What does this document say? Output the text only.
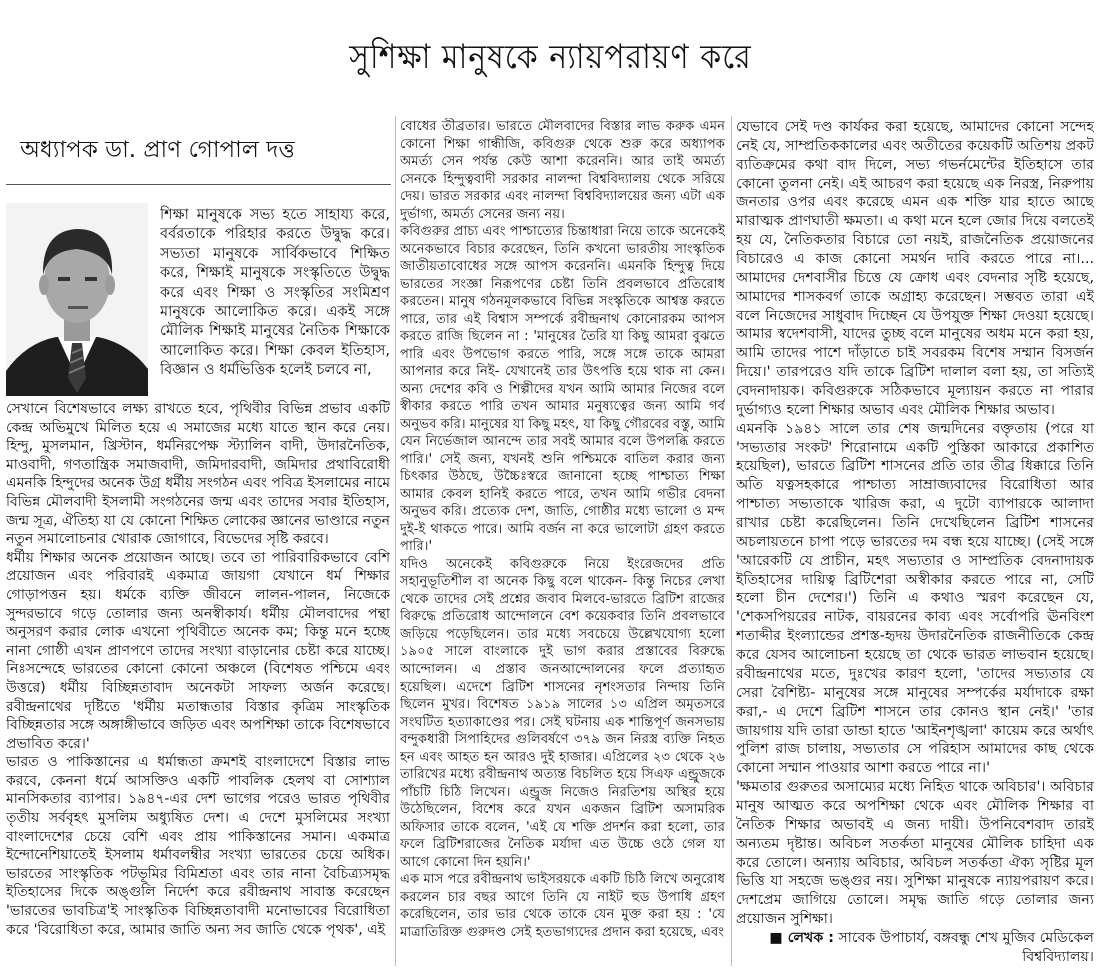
সুশিক্ষা মানুষকে ন্যায়পরায়ণ করে
অধ্যাপক ডা. প্রাণ গোপাল দত্ত
শিক্ষা মানুষকে সভ্য হতে সাহায্য করে, বর্বরতাকে পরিহার করতে উদ্বুদ্ধ করে। সভ্যতা মানুষকে সার্বিকভাবে শিক্ষিত করে, শিক্ষাই মানুষকে সংস্কৃতিতে উদ্বুদ্ধ করে এবং শিক্ষা ও সংস্কৃতির সংমিশ্রণ মানুষকে আলোকিত করে। একই সঙ্গে মৌলিক শিক্ষাই মানুষের নৈতিক শিক্ষাকে আলোকিত করে। শিক্ষা কেবল ইতিহাস, বিজ্ঞান ও ধর্মভিত্তিক হলেই চলবে না,

সেখানে বিশেষভাবে লক্ষ্য রাখতে হবে, পৃথিবীর বিভিন্ন প্রভাব একটি কেন্দ্র অভিমুখে মিলিত হয়ে এ সমাজের মধ্যে যাতে স্থান করে নেয়। হিন্দু, মুসলমান, খ্রিস্টান, ধর্মনিরপেক্ষ স্ট্যালিন বাদী, উদারনৈতিক, মাওবাদী, গণতান্ত্রিক সমাজবাদী, জমিদারবাদী, জমিদার প্রথাবিরোধী এমনকি হিন্দুদের অনেক উগ্র ধর্মীয় সংগঠন এবং পবিত্র ইসলামের নামে বিভিন্ন মৌলবাদী ইসলামী সংগঠনের জন্ম এবং তাদের সবার ইতিহাস, জন্ম সূত্র, ঐতিহ্য যা যে কোনো শিক্ষিত লোকের জ্ঞানের ভাণ্ডারে নতুন নতুন সমালোচনার খোরাক জোগাবে, বিভেদের সৃষ্টি করবে।

ধর্মীয় শিক্ষার অনেক প্রয়োজন আছে। তবে তা পারিবারিকভাবে বেশি প্রয়োজন এবং পরিবারই একমাত্র জায়গা যেখানে ধর্ম শিক্ষার গোড়াপত্তন হয়। ধর্মকে ব্যক্তি জীবনে লালন-পালন, নিজেকে সুন্দরভাবে গড়ে তোলার জন্য অনস্বীকার্য। ধর্মীয় মৌলবাদের পন্থা অনুসরণ করার লোক এখনো পৃথিবীতে অনেক কম; কিন্তু মনে হচ্ছে নানা গোষ্ঠী এখন প্রাণপণে তাদের সংখ্যা বাড়ানোর চেষ্টা করে যাচ্ছে। নিঃসন্দেহে ভারতের কোনো কোনো অঞ্চলে (বিশেষত পশ্চিমে এবং উত্তরে) ধর্মীয় বিচ্ছিন্নতাবাদ অনেকটা সাফল্য অর্জন করেছে। রবীন্দ্রনাথের দৃষ্টিতে 'ধর্মীয় মতান্ধতার বিস্তার কৃত্রিম সাংস্কৃতিক বিচ্ছিন্নতার সঙ্গে অঙ্গাঙ্গীভাবে জড়িত এবং অপশিক্ষা তাকে বিশেষভাবে প্রভাবিত করে।'

ভারত ও পাকিস্তানের এ ধর্মান্ধতা ক্রমশই বাংলাদেশে বিস্তার লাভ করবে, কেননা ধর্মে আসক্তিও একটি পাবলিক হেলথ বা সোশ্যাল মানসিকতার ব্যাপার। ১৯৪৭-এর দেশ ভাগের পরেও ভারত পৃথিবীর তৃতীয় সর্ববৃহৎ মুসলিম অধ্যুষিত দেশ। এ দেশে মুসলিমের সংখ্যা বাংলাদেশের চেয়ে বেশি এবং প্রায় পাকিস্তানের সমান। একমাত্র ইন্দোনেশিয়াতেই ইসলাম ধর্মাবলম্বীর সংখ্যা ভারতের চেয়ে অধিক। ভারতের সাংস্কৃতিক পটভূমির বিমিশ্রতা এবং তার নানা বৈচিত্র্যসমৃদ্ধ ইতিহাসের দিকে অঙ্গুলি নির্দেশ করে রবীন্দ্রনাথ সাবাস্ত করেছেন 'ভারতের ভাবচিত্র'ই সাংস্কৃতিক বিচ্ছিন্নতাবাদী মনোভাবের বিরোধিতা করে 'বিরোধিতা করে, আমার জাতি অন্য সব জাতি থেকে পৃথক', এই

বোধের তীব্রতার। ভারতে মৌলবাদের বিস্তার লাভ করুক এমন কোনো শিক্ষা গান্ধীজি, কবিগুরু থেকে শুরু করে অধ্যাপক অমর্ত্য সেন পর্যন্ত কেউ আশা করেননি। আর তাই অমর্ত্য সেনকে হিন্দুত্ববাদী সরকার নালন্দা বিশ্ববিদ্যালয় থেকে সরিয়ে দেয়। ভারত সরকার এবং নালন্দা বিশ্ববিদ্যালয়ের জন্য এটা এক দুর্ভাগ্য, অমর্ত্য সেনের জন্য নয়।

কবিগুরুর প্রাচ্য এবং পাশ্চাত্যের চিন্তাধারা নিয়ে তাকে অনেকেই অনেকভাবে বিচার করেছেন, তিনি কখনো ভারতীয় সাংস্কৃতিক জাতীয়তাবোধের সঙ্গে আপস করেননি। এমনকি হিন্দুত্ব দিয়ে ভারতের সংজ্ঞা নিরূপণের চেষ্টা তিনি প্রবলভাবে প্রতিরোধ করতেন। মানুষ গঠনমূলকভাবে বিভিন্ন সংস্কৃতিকে আশ্বস্ত করতে পারে, তার এই বিশ্বাস সম্পর্কে রবীন্দ্রনাথ কোনোরকম আপস করতে রাজি ছিলেন না : 'মানুষের তৈরি যা কিছু আমরা বুঝতে পারি এবং উপভোগ করতে পারি, সঙ্গে সঙ্গে তাকে আমরা আপনার করে নিই- যেখানেই তার উৎপত্তি হয়ে থাক না কেন। অন্য দেশের কবি ও শিল্পীদের যখন আমি আমার নিজের বলে স্বীকার করতে পারি তখন আমার মনুষ্যত্বের জন্য আমি গর্ব অনুভব করি। মানুষের যা কিছু মহৎ, যা কিছু গৌরবের বস্তু, আমি যেন নির্ভেজাল আনন্দে তার সবই আমার বলে উপলব্ধি করতে পারি।' সেই জন্য, যখনই শুনি পশ্চিমকে বাতিল করার জন্য চিৎকার উঠছে, উচ্চৈঃস্বরে জানানো হচ্ছে পাশ্চাত্য শিক্ষা আমার কেবল হানিই করতে পারে, তখন আমি গভীর বেদনা অনুভব করি। প্রত্যেক দেশ, জাতি, গোষ্ঠীর মধ্যে ভালো ও মন্দ দুই-ই থাকতে পারে। আমি বর্জন না করে ভালোটা গ্রহণ করতে পারি।'

যদিও অনেকেই কবিগুরুকে নিয়ে ইংরেজদের প্রতি সহানুভূতিশীল বা অনেক কিছু বলে থাকেন- কিন্তু নিচের লেখা থেকে তাদের সেই প্রশ্নের জবাব মিলবে-ভারতে ব্রিটিশ রাজের বিরুদ্ধে প্রতিরোধ আন্দোলনে বেশ কয়েকবার তিনি প্রবলভাবে জড়িয়ে পড়েছিলেন। তার মধ্যে সবচেয়ে উল্লেখযোগ্য হলো ১৯০৫ সালে বাংলাকে দুই ভাগ করার প্রস্তাবের বিরুদ্ধে আন্দোলন। এ প্রস্তাব জনআন্দোলনের ফলে প্রত্যাহৃত হয়েছিল। এদেশে ব্রিটিশ শাসনের নৃশংসতার নিন্দায় তিনি ছিলেন মুখর। বিশেষত ১৯১৯ সালের ১৩ এপ্রিল অমৃতসরে সংঘটিত হত্যাকাণ্ডের পর। সেই ঘটনায় এক শান্তিপূর্ণ জনসভায় বন্দুকধারী সিপাহিদের গুলিবর্ষণে ৩৭৯ জন নিরস্ত্র ব্যক্তি নিহত হন এবং আহত হন আরও দুই হাজার। এপ্রিলের ২৩ থেকে ২৬ তারিখের মধ্যে রবীন্দ্রনাথ অত্যন্ত বিচলিত হয়ে সিএফ এন্ড্রুজকে পাঁচটি চিঠি লিখেন। এন্ড্রুজ নিজেও নিরতিশয় অস্থির হয়ে উঠেছিলেন, বিশেষ করে যখন একজন ব্রিটিশ অসামরিক অফিসার তাকে বলেন, 'এই যে শক্তি প্রদর্শন করা হলো, তার ফলে ব্রিটিশরাজের নৈতিক মর্যাদা এত উচ্চে ওঠে গেল যা আগে কোনো দিন হয়নি।'

এক মাস পরে রবীন্দ্রনাথ ভাইসরয়কে একটি চিঠি লিখে অনুরোধ করলেন চার বছর আগে তিনি যে নাইট হুড উপাধি গ্রহণ করেছিলেন, তার ভার থেকে তাকে যেন মুক্ত করা হয় : 'যে মাত্রাতিরিক্ত গুরুদণ্ড সেই হতভাগ্যদের প্রদান করা হয়েছে, এবং

যেভাবে সেই দণ্ড কার্যকর করা হয়েছে, আমাদের কোনো সন্দেহ নেই যে, সাম্প্রতিককালের এবং অতীতের কয়েকটি অতিশয় প্রকট ব্যতিক্রমের কথা বাদ দিলে, সভ্য গভর্নমেন্টের ইতিহাসে তার কোনো তুলনা নেই। এই আচরণ করা হয়েছে এক নিরস্ত্র, নিরুপায় জনতার ওপর এবং করেছে এমন এক শক্তি যার হাতে আছে মারাত্মক প্রাণঘাতী ক্ষমতা। এ কথা মনে হলে জোর দিয়ে বলতেই হয় যে, নৈতিকতার বিচারে তো নয়ই, রাজনৈতিক প্রয়োজনের বিচারেও এ কাজ কোনো সমর্থন দাবি করতে পারে না।... আমাদের দেশবাসীর চিত্তে যে ক্রোধ এবং বেদনার সৃষ্টি হয়েছে, আমাদের শাসকবর্গ তাকে অগ্রাহ্য করেছেন। সম্ভবত তারা এই বলে নিজেদের সাধুবাদ দিচ্ছেন যে উপযুক্ত শিক্ষা দেওয়া হয়েছে। আমার স্বদেশবাসী, যাদের তুচ্ছ বলে মানুষের অধম মনে করা হয়, আমি তাদের পাশে দাঁড়াতে চাই সবরকম বিশেষ সম্মান বিসর্জন দিয়ে।' তারপরেও যদি তাকে ব্রিটিশ দালাল বলা হয়, তা সত্যিই বেদনাদায়ক। কবিগুরুকে সঠিকভাবে মূল্যায়ন করতে না পারার দুর্ভাগ্যও হলো শিক্ষার অভাব এবং মৌলিক শিক্ষার অভাব।

এমনকি ১৯৪১ সালে তার শেষ জন্মদিনের বক্তৃতায় (পরে যা 'সভ্যতার সংকট' শিরোনামে একটি পুস্তিকা আকারে প্রকাশিত হয়েছিল), ভারতে ব্রিটিশ শাসনের প্রতি তার তীব্র ধিক্কারে তিনি অতি যত্নসহকারে পাশ্চাত্য সাম্রাজ্যবাদের বিরোধিতা আর পাশ্চাত্য সভ্যতাকে খারিজ করা, এ দুটো ব্যাপারকে আলাদা রাখার চেষ্টা করেছিলেন। তিনি দেখেছিলেন ব্রিটিশ শাসনের অচলায়তনে চাপা পড়ে ভারতের দম বন্ধ হয়ে যাচ্ছে। (সেই সঙ্গে 'আরেকটি যে প্রাচীন, মহৎ সভ্যতার ও সাম্প্রতিক বেদনাদায়ক ইতিহাসের দায়িত্ব ব্রিটিশেরা অস্বীকার করতে পারে না, সেটি হলো চীন দেশের।') তিনি এ কথাও স্মরণ করেছেন যে, 'শেকসপিয়রের নাটক, বায়রনের কাব্য এবং সর্বোপরি ঊনবিংশ শতাব্দীর ইংল্যান্ডের প্রশস্ত-হৃদয় উদারনৈতিক রাজনীতিকে কেন্দ্র করে যেসব আলোচনা হয়েছে তা থেকে ভারত লাভবান হয়েছে। রবীন্দ্রনাথের মতে, দুঃখের কারণ হলো, 'তাদের সভ্যতার যে সেরা বৈশিষ্ট্য- মানুষের সঙ্গে মানুষের সম্পর্কের মর্যাদাকে রক্ষা করা,- এ দেশে ব্রিটিশ শাসনে তার কোনও স্থান নেই।' 'তার জায়গায় যদি তারা ডান্ডা হাতে 'আইনশৃঙ্খলা' কায়েম করে অর্থাৎ পুলিশ রাজ চালায়, সভ্যতার সে পরিহাস আমাদের কাছ থেকে কোনো সম্মান পাওয়ার আশা করতে পারে না।'

'ক্ষমতার গুরুতর অসাম্যের মধ্যে নিহিত থাকে অবিচার'। অবিচার মানুষ আত্মত করে অপশিক্ষা থেকে এবং মৌলিক শিক্ষার বা নৈতিক শিক্ষার অভাবই এ জন্য দায়ী। উপনিবেশবাদ তারই অন্যতম দৃষ্টান্ত। অবিচল সতর্কতা মানুষের মৌলিক চাহিদা এক করে তোলে। অন্যায় অবিচার, অবিচল সতর্কতা ঐক্য সৃষ্টির মূল ভিত্তি যা সহজে ভঙ্গুর নয়। সুশিক্ষা মানুষকে ন্যায়পরায়ণ করে। দেশপ্রেম জাগিয়ে তোলে। সমৃদ্ধ জাতি গড়ে তোলার জন্য প্রয়োজন সুশিক্ষা।

■ লেখক : সাবেক উপাচার্য, বঙ্গবন্ধু শেখ মুজিব মেডিকেল বিশ্ববিদ্যালয়।
